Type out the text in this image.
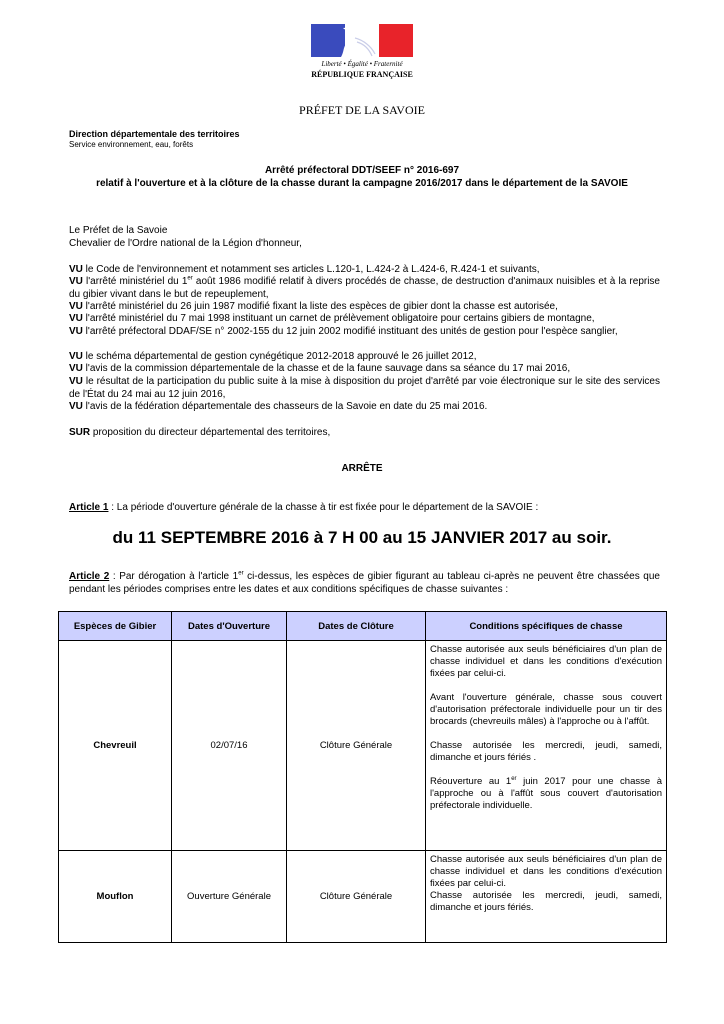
Liberté • Égalité • Fraternité
RÉPUBLIQUE FRANÇAISE
PRÉFET DE LA SAVOIE
Direction départementale des territoires
Service environnement, eau, forêts
Arrêté préfectoral DDT/SEEF n° 2016-697
relatif à l'ouverture et à la clôture de la chasse durant la campagne 2016/2017 dans le département de la SAVOIE
Le Préfet de la Savoie
Chevalier de l'Ordre national de la Légion d'honneur,
VU le Code de l'environnement et notamment ses articles L.120-1, L.424-2 à L.424-6, R.424-1 et suivants,
VU l'arrêté ministériel du 1er août 1986 modifié relatif à divers procédés de chasse, de destruction d'animaux nuisibles et à la reprise du gibier vivant dans le but de repeuplement,
VU l'arrêté ministériel du 26 juin 1987 modifié fixant la liste des espèces de gibier dont la chasse est autorisée,
VU l'arrêté ministériel du 7 mai 1998 instituant un carnet de prélèvement obligatoire pour certains gibiers de montagne,
VU l'arrêté préfectoral DDAF/SE n° 2002-155 du 12 juin 2002 modifié instituant des unités de gestion pour l'espèce sanglier,
VU le schéma départemental de gestion cynégétique 2012-2018 approuvé le 26 juillet 2012,
VU l'avis de la commission départementale de la chasse et de la faune sauvage dans sa séance du 17 mai 2016,
VU le résultat de la participation du public suite à la mise à disposition du projet d'arrêté par voie électronique sur le site des services de l'État du 24 mai au 12 juin 2016,
VU l'avis de la fédération départementale des chasseurs de la Savoie en date du 25 mai 2016.
SUR proposition du directeur départemental des territoires,
ARRÊTE
Article 1 : La période d'ouverture générale de la chasse à tir est fixée pour le département de la SAVOIE :
du 11 SEPTEMBRE 2016 à 7 H 00 au 15 JANVIER 2017 au soir.
Article 2 : Par dérogation à l'article 1er ci-dessus, les espèces de gibier figurant au tableau ci-après ne peuvent être chassées que pendant les périodes comprises entre les dates et aux conditions spécifiques de chasse suivantes :
Espèces de Gibier	Dates d'Ouverture	Dates de Clôture	Conditions spécifiques de chasse
Chevreuil	02/07/16	Clôture Générale	Chasse autorisée aux seuls bénéficiaires d'un plan de chasse individuel et dans les conditions d'exécution fixées par celui-ci.

Avant l'ouverture générale, chasse sous couvert d'autorisation préfectorale individuelle pour un tir des brocards (chevreuils mâles) à l'approche ou à l'affût.

Chasse autorisée les mercredi, jeudi, samedi, dimanche et jours fériés .

Réouverture au 1er juin 2017 pour une chasse à l'approche ou à l'affût sous couvert d'autorisation préfectorale individuelle.

Mouflon	Ouverture Générale	Clôture Générale	Chasse autorisée aux seuls bénéficiaires d'un plan de chasse individuel et dans les conditions d'exécution fixées par celui-ci.

Chasse autorisée les mercredi, jeudi, samedi, dimanche et jours fériés.
